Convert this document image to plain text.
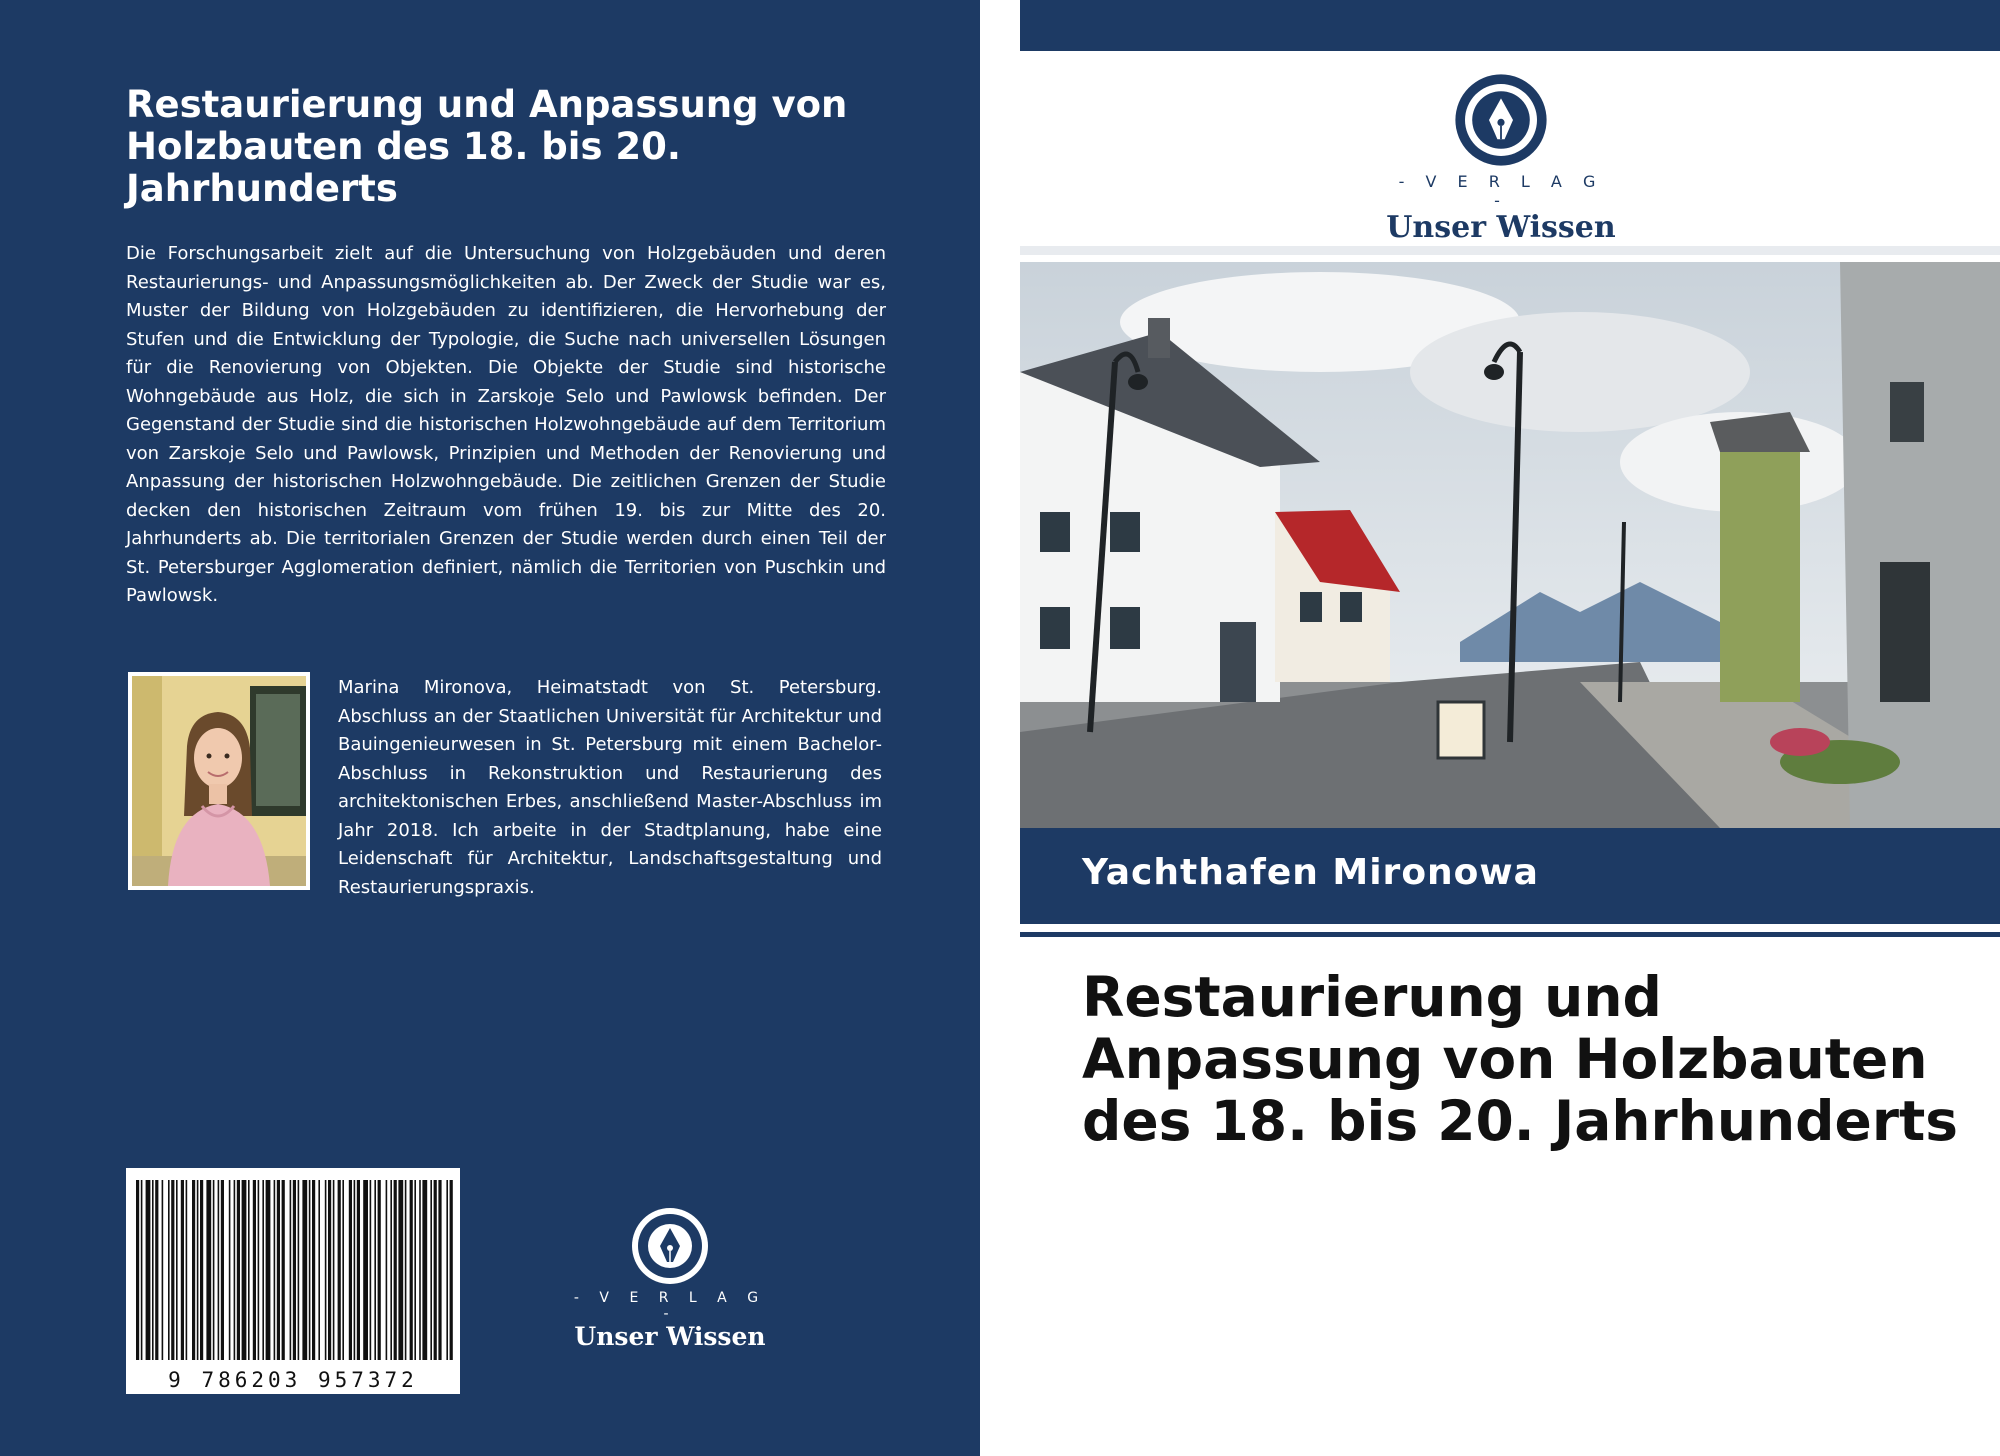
Restaurierung und Anpassung von Holzbauten des 18. bis 20. Jahrhunderts

Die Forschungsarbeit zielt auf die Untersuchung von Holzgebäuden und deren Restaurierungs- und Anpassungsmöglichkeiten ab. Der Zweck der Studie war es, Muster der Bildung von Holzgebäuden zu identifizieren, die Hervorhebung der Stufen und die Entwicklung der Typologie, die Suche nach universellen Lösungen für die Renovierung von Objekten. Die Objekte der Studie sind historische Wohngebäude aus Holz, die sich in Zarskoje Selo und Pawlowsk befinden. Der Gegenstand der Studie sind die historischen Holzwohngebäude auf dem Territorium von Zarskoje Selo und Pawlowsk, Prinzipien und Methoden der Renovierung und Anpassung der historischen Holzwohngebäude. Die zeitlichen Grenzen der Studie decken den historischen Zeitraum vom frühen 19. bis zur Mitte des 20. Jahrhunderts ab. Die territorialen Grenzen der Studie werden durch einen Teil der St. Petersburger Agglomeration definiert, nämlich die Territorien von Puschkin und Pawlowsk.

Marina Mironova, Heimatstadt von St. Petersburg. Abschluss an der Staatlichen Universität für Architektur und Bauingenieurwesen in St. Petersburg mit einem Bachelor-Abschluss in Rekonstruktion und Restaurierung des architektonischen Erbes, anschließend Master-Abschluss im Jahr 2018. Ich arbeite in der Stadtplanung, habe eine Leidenschaft für Architektur, Landschaftsgestaltung und Restaurierungspraxis.

9 786203 957372
- V E R L A G -
Unser Wissen
- V E R L A G -
Unser Wissen
Yachthafen Mironowa
Restaurierung und Anpassung von Holzbauten des 18. bis 20. Jahrhunderts
